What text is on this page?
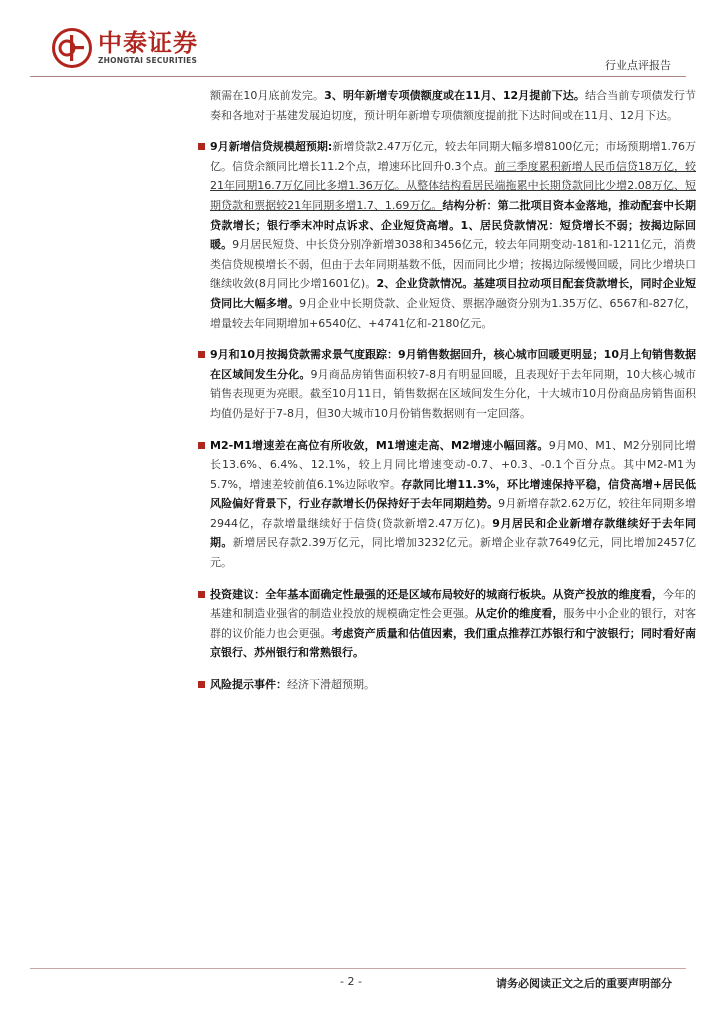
中泰证券
ZHONGTAI SECURITIES	行业点评报告

额需在10月底前发完。3、明年新增专项债额度或在11月、12月提前下达。结合当前专项债发行节奏和各地对于基建发展迫切度，预计明年新增专项债额度提前批下达时间或在11月、12月下达。

9月新增信贷规模超预期:新增贷款2.47万亿元，较去年同期大幅多增8100亿元；市场预期增1.76万亿。信贷余额同比增长11.2个点，增速环比回升0.3个点。前三季度累积新增人民币信贷18万亿，较21年同期16.7万亿同比多增1.36万亿。从整体结构看居民端拖累中长期贷款同比少增2.08万亿、短期贷款和票据较21年同期多增1.7、1.69万亿。结构分析：第二批项目资本金落地，推动配套中长期贷款增长；银行季末冲时点诉求、企业短贷高增。1、居民贷款情况：短贷增长不弱；按揭边际回暖。9月居民短贷、中长贷分别净新增3038和3456亿元，较去年同期变动-181和-1211亿元，消费类信贷规模增长不弱，但由于去年同期基数不低，因而同比少增；按揭边际缓慢回暖，同比少增块口继续收敛(8月同比少增1601亿)。2、企业贷款情况。基建项目拉动项目配套贷款增长，同时企业短贷同比大幅多增。9月企业中长期贷款、企业短贷、票据净融资分别为1.35万亿、6567和-827亿，增量较去年同期增加+6540亿、+4741亿和-2180亿元。

9月和10月按揭贷款需求景气度跟踪：9月销售数据回升，核心城市回暖更明显；10月上旬销售数据在区域间发生分化。9月商品房销售面积较7-8月有明显回暖，且表现好于去年同期，10大核心城市销售表现更为亮眼。截至10月11日，销售数据在区域间发生分化，十大城市10月份商品房销售面积均值仍是好于7-8月，但30大城市10月份销售数据则有一定回落。

M2-M1增速差在高位有所收敛，M1增速走高、M2增速小幅回落。9月M0、M1、M2分别同比增长13.6%、6.4%、12.1%，较上月同比增速变动-0.7、+0.3、-0.1个百分点。其中M2-M1为5.7%，增速差较前值6.1%边际收窄。存款同比增11.3%，环比增速保持平稳，信贷高增+居民低风险偏好背景下，行业存款增长仍保持好于去年同期趋势。9月新增存款2.62万亿，较往年同期多增2944亿，存款增量继续好于信贷(贷款新增2.47万亿)。9月居民和企业新增存款继续好于去年同期。新增居民存款2.39万亿元，同比增加3232亿元。新增企业存款7649亿元，同比增加2457亿元。

投资建议：全年基本面确定性最强的还是区域布局较好的城商行板块。从资产投放的维度看，今年的基建和制造业强省的制造业投放的规模确定性会更强。从定价的维度看，服务中小企业的银行，对客群的议价能力也会更强。考虑资产质量和估值因素，我们重点推荐江苏银行和宁波银行；同时看好南京银行、苏州银行和常熟银行。

风险提示事件：经济下滑超预期。

- 2 -	请务必阅读正文之后的重要声明部分
